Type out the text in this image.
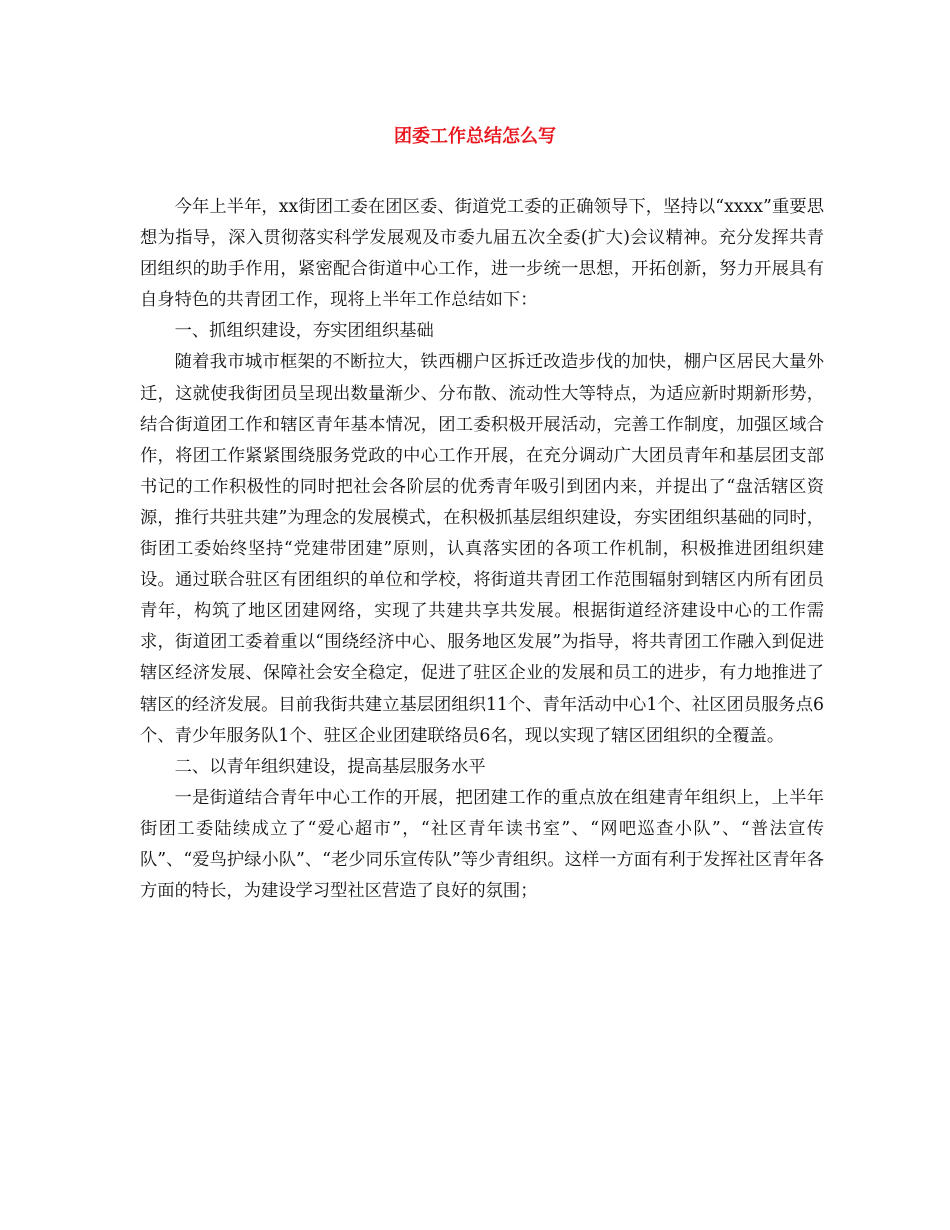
团委工作总结怎么写

今年上半年，xx街团工委在团区委、街道党工委的正确领导下，坚持以“xxxx”重要思想为指导，深入贯彻落实科学发展观及市委九届五次全委(扩大)会议精神。充分发挥共青团组织的助手作用，紧密配合街道中心工作，进一步统一思想，开拓创新，努力开展具有自身特色的共青团工作，现将上半年工作总结如下：

一、抓组织建设，夯实团组织基础

随着我市城市框架的不断拉大，铁西棚户区拆迁改造步伐的加快，棚户区居民大量外迁，这就使我街团员呈现出数量渐少、分布散、流动性大等特点，为适应新时期新形势，结合街道团工作和辖区青年基本情况，团工委积极开展活动，完善工作制度，加强区域合作，将团工作紧紧围绕服务党政的中心工作开展，在充分调动广大团员青年和基层团支部书记的工作积极性的同时把社会各阶层的优秀青年吸引到团内来，并提出了“盘活辖区资源，推行共驻共建”为理念的发展模式，在积极抓基层组织建设，夯实团组织基础的同时，街团工委始终坚持“党建带团建”原则，认真落实团的各项工作机制，积极推进团组织建设。通过联合驻区有团组织的单位和学校，将街道共青团工作范围辐射到辖区内所有团员青年，构筑了地区团建网络，实现了共建共享共发展。根据街道经济建设中心的工作需求，街道团工委着重以“围绕经济中心、服务地区发展”为指导，将共青团工作融入到促进辖区经济发展、保障社会安全稳定，促进了驻区企业的发展和员工的进步，有力地推进了辖区的经济发展。目前我街共建立基层团组织11个、青年活动中心1个、社区团员服务点6个、青少年服务队1个、驻区企业团建联络员6名，现以实现了辖区团组织的全覆盖。

二、以青年组织建设，提高基层服务水平

一是街道结合青年中心工作的开展，把团建工作的重点放在组建青年组织上，上半年街团工委陆续成立了“爱心超市”，“社区青年读书室”、“网吧巡查小队”、“普法宣传队”、“爱鸟护绿小队”、“老少同乐宣传队”等少青组织。这样一方面有利于发挥社区青年各方面的特长，为建设学习型社区营造了良好的氛围；
